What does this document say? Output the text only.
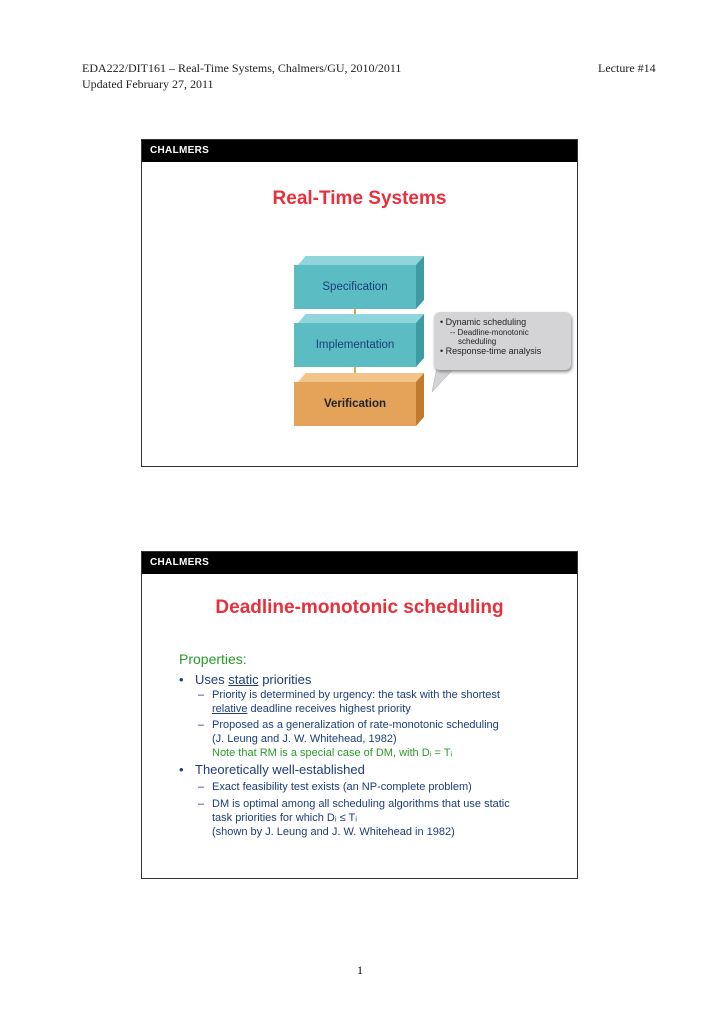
EDA222/DIT161 – Real-Time Systems, Chalmers/GU, 2010/2011
Updated February 27, 2011
Lecture #14
CHALMERS
Real-Time Systems
Specification
Implementation
Verification
• Dynamic scheduling
-- Deadline-monotonic
scheduling
• Response-time analysis
CHALMERS
Deadline-monotonic scheduling
Properties:
• Uses static priorities
– Priority is determined by urgency: the task with the shortest
relative deadline receives highest priority
– Proposed as a generalization of rate-monotonic scheduling
(J. Leung and J. W. Whitehead, 1982)
Note that RM is a special case of DM, with Dᵢ = Tᵢ
• Theoretically well-established
– Exact feasibility test exists (an NP-complete problem)
– DM is optimal among all scheduling algorithms that use static
task priorities for which Dᵢ ≤ Tᵢ
(shown by J. Leung and J. W. Whitehead in 1982)
1
